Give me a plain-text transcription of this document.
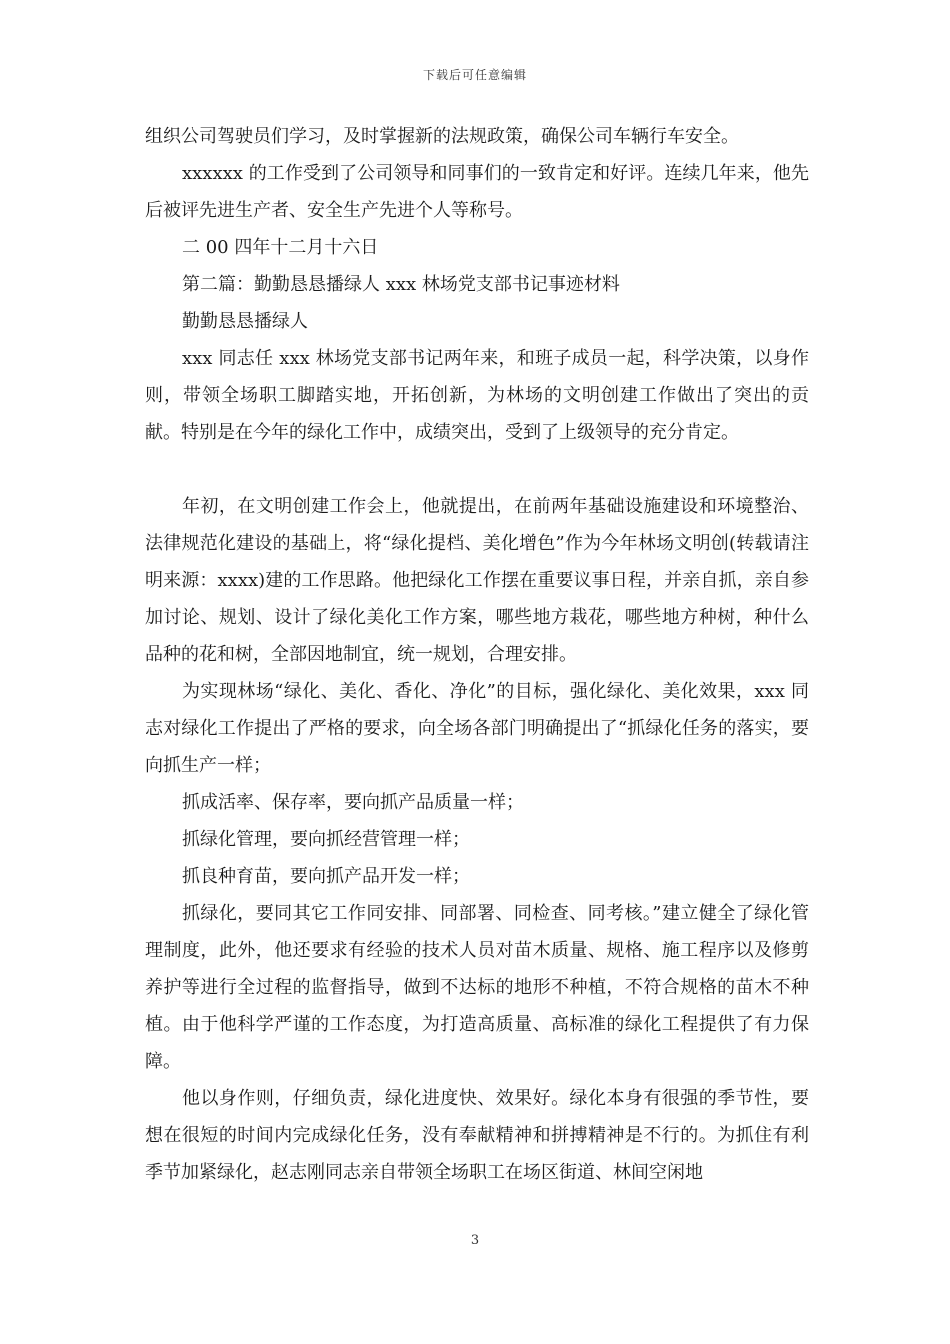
下载后可任意编辑

组织公司驾驶员们学习，及时掌握新的法规政策，确保公司车辆行车安全。

xxxxxx 的工作受到了公司领导和同事们的一致肯定和好评。连续几年来，他先后被评先进生产者、安全生产先进个人等称号。

二 00 四年十二月十六日

第二篇：勤勤恳恳播绿人 xxx 林场党支部书记事迹材料

勤勤恳恳播绿人

xxx 同志任 xxx 林场党支部书记两年来，和班子成员一起，科学决策，以身作则，带领全场职工脚踏实地，开拓创新，为林场的文明创建工作做出了突出的贡献。特别是在今年的绿化工作中，成绩突出，受到了上级领导的充分肯定。

年初，在文明创建工作会上，他就提出，在前两年基础设施建设和环境整治、法律规范化建设的基础上，将“绿化提档、美化增色”作为今年林场文明创(转载请注明来源：xxxx)建的工作思路。他把绿化工作摆在重要议事日程，并亲自抓，亲自参加讨论、规划、设计了绿化美化工作方案，哪些地方栽花，哪些地方种树，种什么品种的花和树，全部因地制宜，统一规划，合理安排。

为实现林场“绿化、美化、香化、净化”的目标，强化绿化、美化效果，xxx 同志对绿化工作提出了严格的要求，向全场各部门明确提出了“抓绿化任务的落实，要向抓生产一样；

抓成活率、保存率，要向抓产品质量一样；

抓绿化管理，要向抓经营管理一样；

抓良种育苗，要向抓产品开发一样；

抓绿化，要同其它工作同安排、同部署、同检查、同考核。”建立健全了绿化管理制度，此外，他还要求有经验的技术人员对苗木质量、规格、施工程序以及修剪养护等进行全过程的监督指导，做到不达标的地形不种植，不符合规格的苗木不种植。由于他科学严谨的工作态度，为打造高质量、高标准的绿化工程提供了有力保障。

他以身作则，仔细负责，绿化进度快、效果好。绿化本身有很强的季节性，要想在很短的时间内完成绿化任务，没有奉献精神和拼搏精神是不行的。为抓住有利季节加紧绿化，赵志刚同志亲自带领全场职工在场区街道、林间空闲地

3
